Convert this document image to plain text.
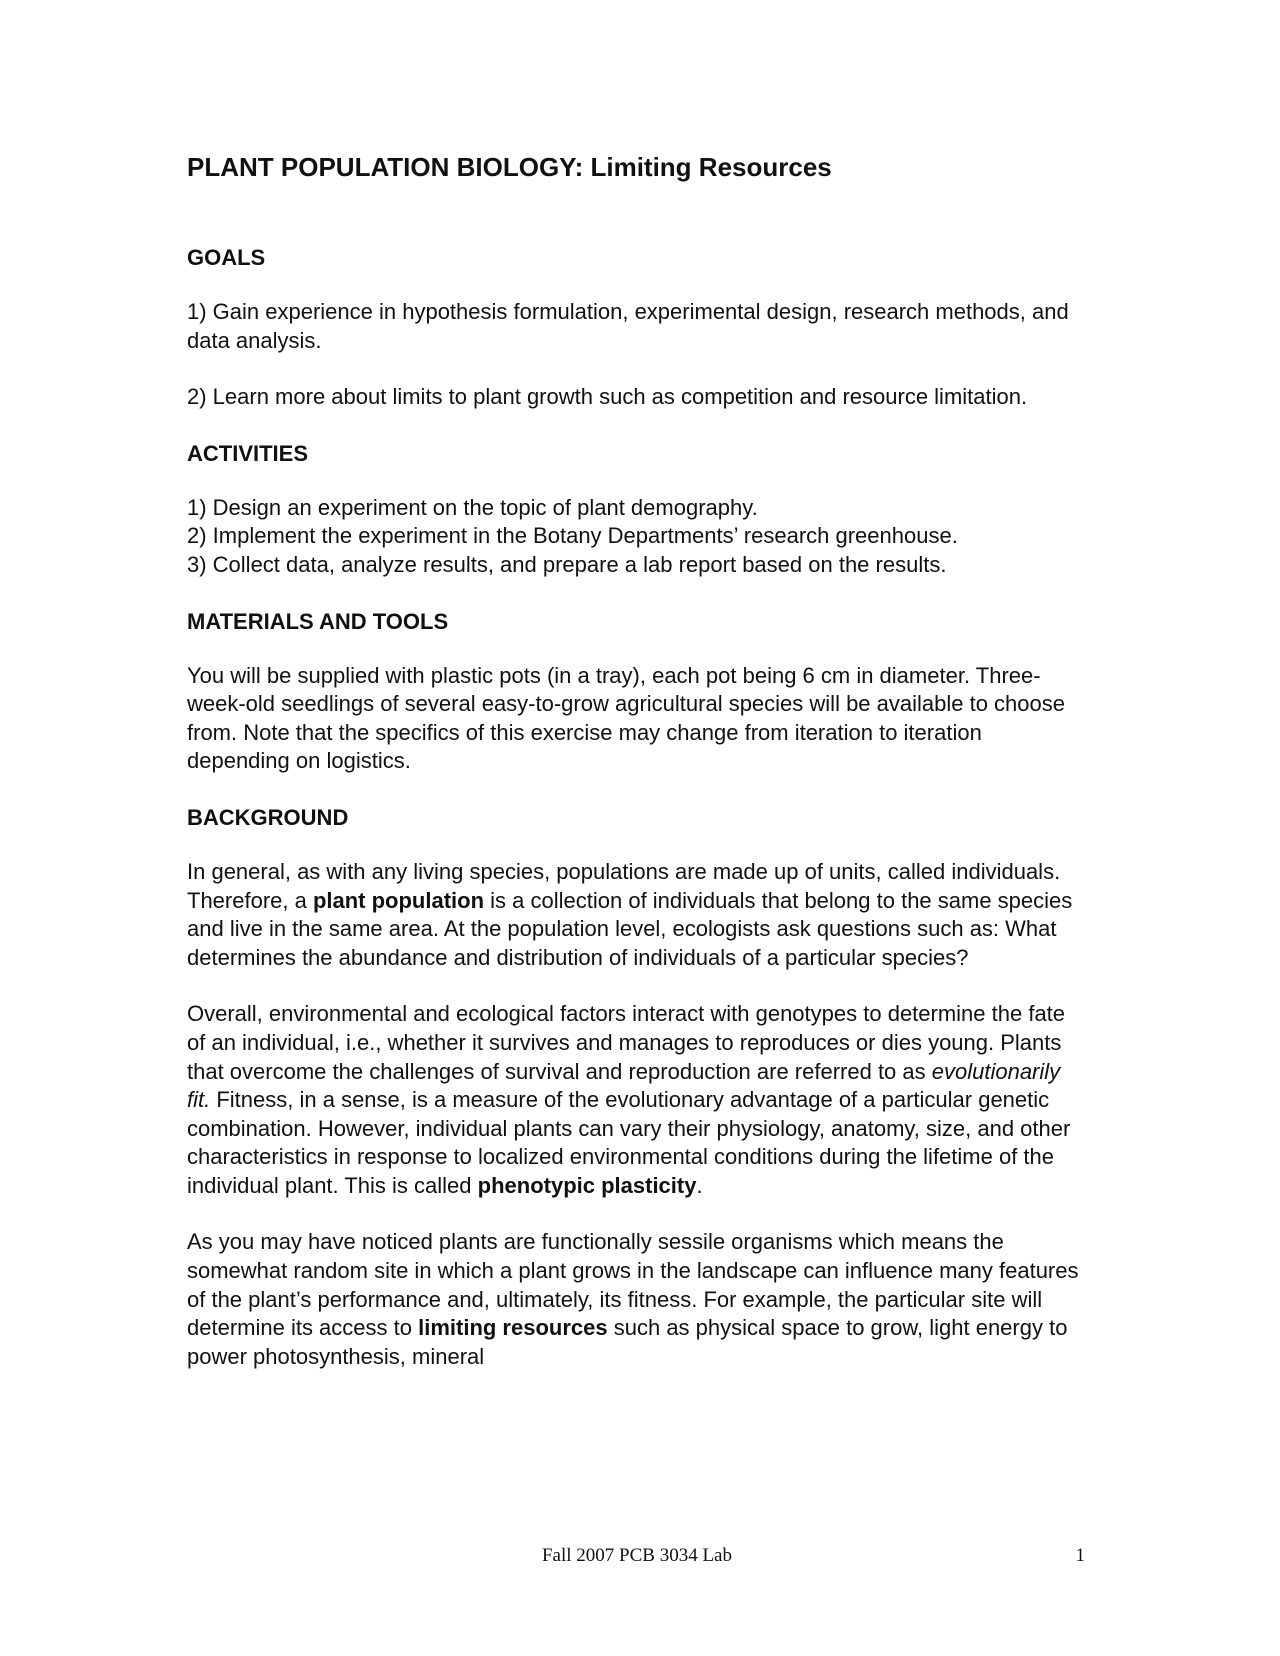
PLANT POPULATION BIOLOGY: Limiting Resources
GOALS

1) Gain experience in hypothesis formulation, experimental design, research methods, and data analysis.

2) Learn more about limits to plant growth such as competition and resource limitation.

ACTIVITIES
1) Design an experiment on the topic of plant demography.
2) Implement the experiment in the Botany Departments’ research greenhouse.
3) Collect data, analyze results, and prepare a lab report based on the results.
MATERIALS AND TOOLS

You will be supplied with plastic pots (in a tray), each pot being 6 cm in diameter. Three-week-old seedlings of several easy-to-grow agricultural species will be available to choose from. Note that the specifics of this exercise may change from iteration to iteration depending on logistics.

BACKGROUND

In general, as with any living species, populations are made up of units, called individuals. Therefore, a plant population is a collection of individuals that belong to the same species and live in the same area. At the population level, ecologists ask questions such as: What determines the abundance and distribution of individuals of a particular species?

Overall, environmental and ecological factors interact with genotypes to determine the fate of an individual, i.e., whether it survives and manages to reproduces or dies young. Plants that overcome the challenges of survival and reproduction are referred to as evolutionarily fit. Fitness, in a sense, is a measure of the evolutionary advantage of a particular genetic combination. However, individual plants can vary their physiology, anatomy, size, and other characteristics in response to localized environmental conditions during the lifetime of the individual plant. This is called phenotypic plasticity.

As you may have noticed plants are functionally sessile organisms which means the somewhat random site in which a plant grows in the landscape can influence many features of the plant’s performance and, ultimately, its fitness. For example, the particular site will determine its access to limiting resources such as physical space to grow, light energy to power photosynthesis, mineral

Fall 2007 PCB 3034 Lab	1
